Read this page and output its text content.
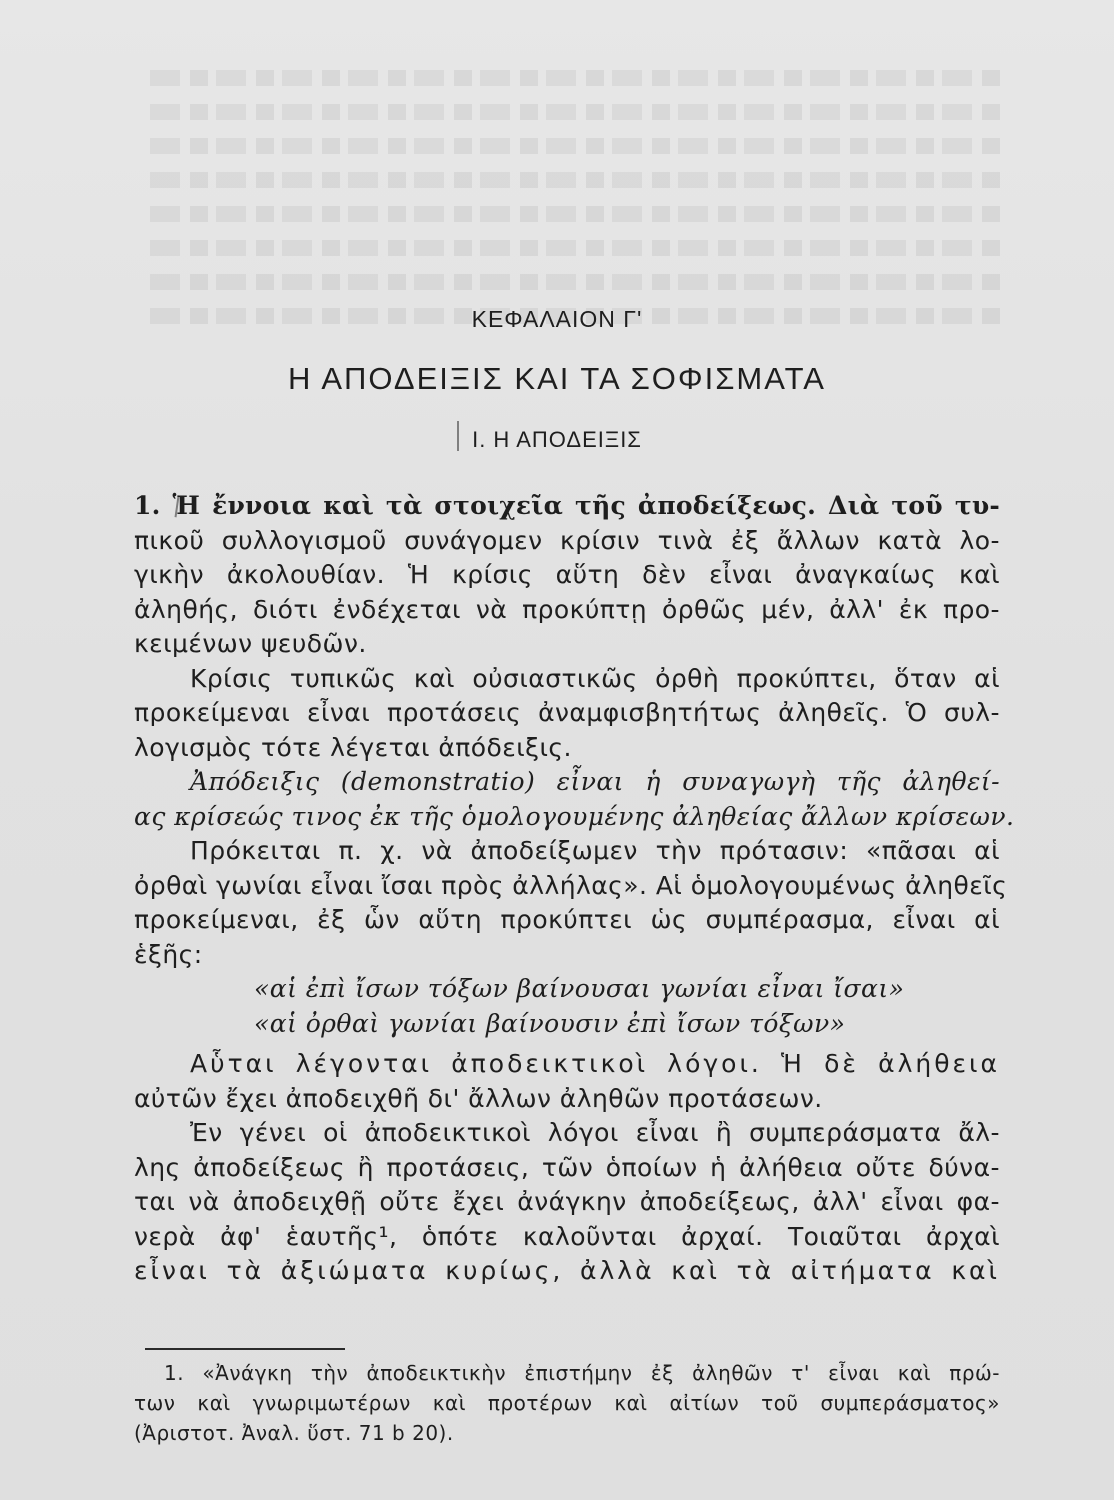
ΚΕΦΑΛΑΙΟΝ Γ'
Η ΑΠΟΔΕΙΞΙΣ ΚΑΙ ΤΑ ΣΟΦΙΣΜΑΤΑ
Ι. Η ΑΠΟΔΕΙΞΙΣ
1. Ἡ ἔννοια καὶ τὰ στοιχεῖα τῆς ἀποδείξεως. Διὰ τοῦ τυ-
πικοῦ συλλογισμοῦ συνάγομεν κρίσιν τινὰ ἐξ ἄλλων κατὰ λο-
γικὴν ἀκολουθίαν. Ἡ κρίσις αὕτη δὲν εἶναι ἀναγκαίως καὶ
ἀληθής, διότι ἐνδέχεται νὰ προκύπτῃ ὀρθῶς μέν, ἀλλ' ἐκ προ-
κειμένων ψευδῶν.
Κρίσις τυπικῶς καὶ οὐσιαστικῶς ὀρθὴ προκύπτει, ὅταν αἱ
προκείμεναι εἶναι προτάσεις ἀναμφισβητήτως ἀληθεῖς. Ὁ συλ-
λογισμὸς τότε λέγεται ἀπόδειξις.
Ἀπόδειξις (demonstratio) εἶναι ἡ συναγωγὴ τῆς ἀληθεί-
ας κρίσεώς τινος ἐκ τῆς ὁμολογουμένης ἀληθείας ἄλλων κρίσεων.
Πρόκειται π. χ. νὰ ἀποδείξωμεν τὴν πρότασιν: «πᾶσαι αἱ
ὀρθαὶ γωνίαι εἶναι ἴσαι πρὸς ἀλλήλας». Αἱ ὁμολογουμένως ἀληθεῖς
προκείμεναι, ἐξ ὧν αὕτη προκύπτει ὡς συμπέρασμα, εἶναι αἱ
ἑξῆς:
«αἱ ἐπὶ ἴσων τόξων βαίνουσαι γωνίαι εἶναι ἴσαι»
«αἱ ὀρθαὶ γωνίαι βαίνουσιν ἐπὶ ἴσων τόξων»
Αὗται λέγονται ἀποδεικτικοὶ λόγοι. Ἡ δὲ ἀλήθεια
αὐτῶν ἔχει ἀποδειχθῆ δι' ἄλλων ἀληθῶν προτάσεων.
Ἐν γένει οἱ ἀποδεικτικοὶ λόγοι εἶναι ἢ συμπεράσματα ἄλ-
λης ἀποδείξεως ἢ προτάσεις, τῶν ὁποίων ἡ ἀλήθεια οὔτε δύνα-
ται νὰ ἀποδειχθῇ οὔτε ἔχει ἀνάγκην ἀποδείξεως, ἀλλ' εἶναι φα-
νερὰ ἀφ' ἑαυτῆς¹, ὁπότε καλοῦνται ἀρχαί. Τοιαῦται ἀρχαὶ
εἶναι τὰ ἀξιώματα κυρίως, ἀλλὰ καὶ τὰ αἰτήματα καὶ
1. «Ἀνάγκη τὴν ἀποδεικτικὴν ἐπιστήμην ἐξ ἀληθῶν τ' εἶναι καὶ πρώ-
των καὶ γνωριμωτέρων καὶ προτέρων καὶ αἰτίων τοῦ συμπεράσματος»
(Ἀριστοτ. Ἀναλ. ὕστ. 71 b 20).
